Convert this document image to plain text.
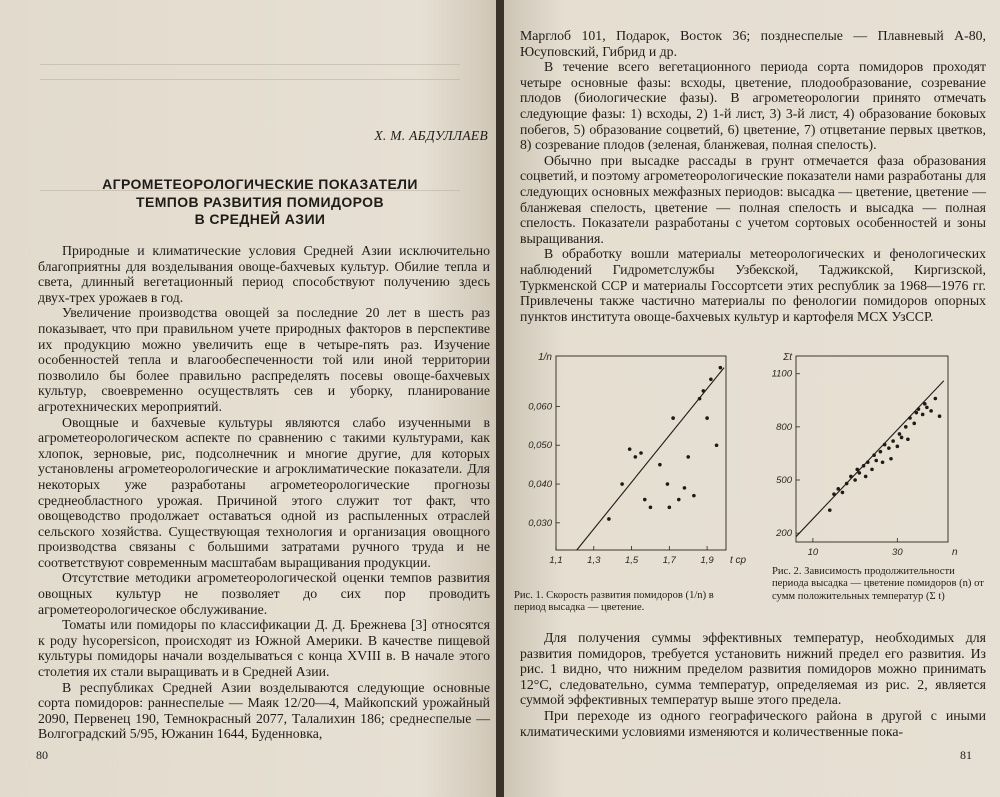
Х. М. АБДУЛЛАЕВ
АГРОМЕТЕОРОЛОГИЧЕСКИЕ ПОКАЗАТЕЛИ
ТЕМПОВ РАЗВИТИЯ ПОМИДОРОВ
В СРЕДНЕЙ АЗИИ

Природные и климатические условия Средней Азии исключительно благоприятны для возделывания овоще-бахчевых культур. Обилие тепла и света, длинный вегетационный период способствуют получению здесь двух-трех урожаев в год.

Увеличение производства овощей за последние 20 лет в шесть раз показывает, что при правильном учете природных факторов в перспективе их продукцию можно увеличить еще в четыре-пять раз. Изучение особенностей тепла и влагообеспеченности той или иной территории позволило бы более правильно распределять посевы овоще-бахчевых культур, своевременно осуществлять сев и уборку, планирование агротехнических мероприятий.

Овощные и бахчевые культуры являются слабо изученными в агрометеорологическом аспекте по сравнению с такими культурами, как хлопок, зерновые, рис, подсолнечник и многие другие, для которых установлены агрометеорологические и агроклиматические показатели. Для некоторых уже разработаны агрометеорологические прогнозы среднеобластного урожая. Причиной этого служит тот факт, что овощеводство продолжает оставаться одной из распыленных отраслей сельского хозяйства. Существующая технология и организация овощного производства связаны с большими затратами ручного труда и не соответствуют современным масштабам выращивания продукции.

Отсутствие методики агрометеорологической оценки темпов развития овощных культур не позволяет до сих пор проводить агрометеорологическое обслуживание.

Томаты или помидоры по классификации Д. Д. Брежнева [3] относятся к роду hycopersicon, происходят из Южной Америки. В качестве пищевой культуры помидоры начали возделываться с конца XVIII в. В начале этого столетия их стали выращивать и в Средней Азии.

В республиках Средней Азии возделываются следующие основные сорта помидоров: раннеспелые — Маяк 12/20—4, Майкопский урожайный 2090, Первенец 190, Темнокрасный 2077, Талалихин 186; среднеспелые — Волгоградский 5/95, Южанин 1644, Буденновка,

80

Марглоб 101, Подарок, Восток 36; позднеспелые — Плавневый А-80, Юсуповский, Гибрид и др.

В течение всего вегетационного периода сорта помидоров проходят четыре основные фазы: всходы, цветение, плодообразование, созревание плодов (биологические фазы). В агрометеорологии принято отмечать следующие фазы: 1) всходы, 2) 1-й лист, 3) 3-й лист, 4) образование боковых побегов, 5) образование соцветий, 6) цветение, 7) отцветание первых цветков, 8) созревание плодов (зеленая, бланжевая, полная спелость).

Обычно при высадке рассады в грунт отмечается фаза образования соцветий, и поэтому агрометеорологические показатели нами разработаны для следующих основных межфазных периодов: высадка — цветение, цветение — бланжевая спелость, цветение — полная спелость и высадка — полная спелость. Показатели разработаны с учетом сортовых особенностей и зоны выращивания.

В обработку вошли материалы метеорологических и фенологических наблюдений Гидрометслужбы Узбекской, Таджикской, Киргизской, Туркменской ССР и материалы Госсортсети этих республик за 1968—1976 гг. Привлечены также частично материалы по фенологии помидоров опорных пунктов института овоще-бахчевых культур и картофеля МСХ УзССР.

1,1	1,3	1,5	1,7	1,9
0,030
0,040
0,050
0,060
1/n
t ср
Рис. 1. Скорость развития помидоров (1/n) в период высадка — цветение.
10	30
200
500
800
1100
Σt
n
Рис. 2. Зависимость продолжительности периода высадка — цветение помидоров (n) от сумм положительных температур (Σ t)

Для получения суммы эффективных температур, необходимых для развития помидоров, требуется установить нижний предел его развития. Из рис. 1 видно, что нижним пределом развития помидоров можно принимать 12°С, следовательно, сумма температур, определяемая из рис. 2, является суммой эффективных температур выше этого предела.

При переходе из одного географического района в другой с иными климатическими условиями изменяются и количественные пока-

81
